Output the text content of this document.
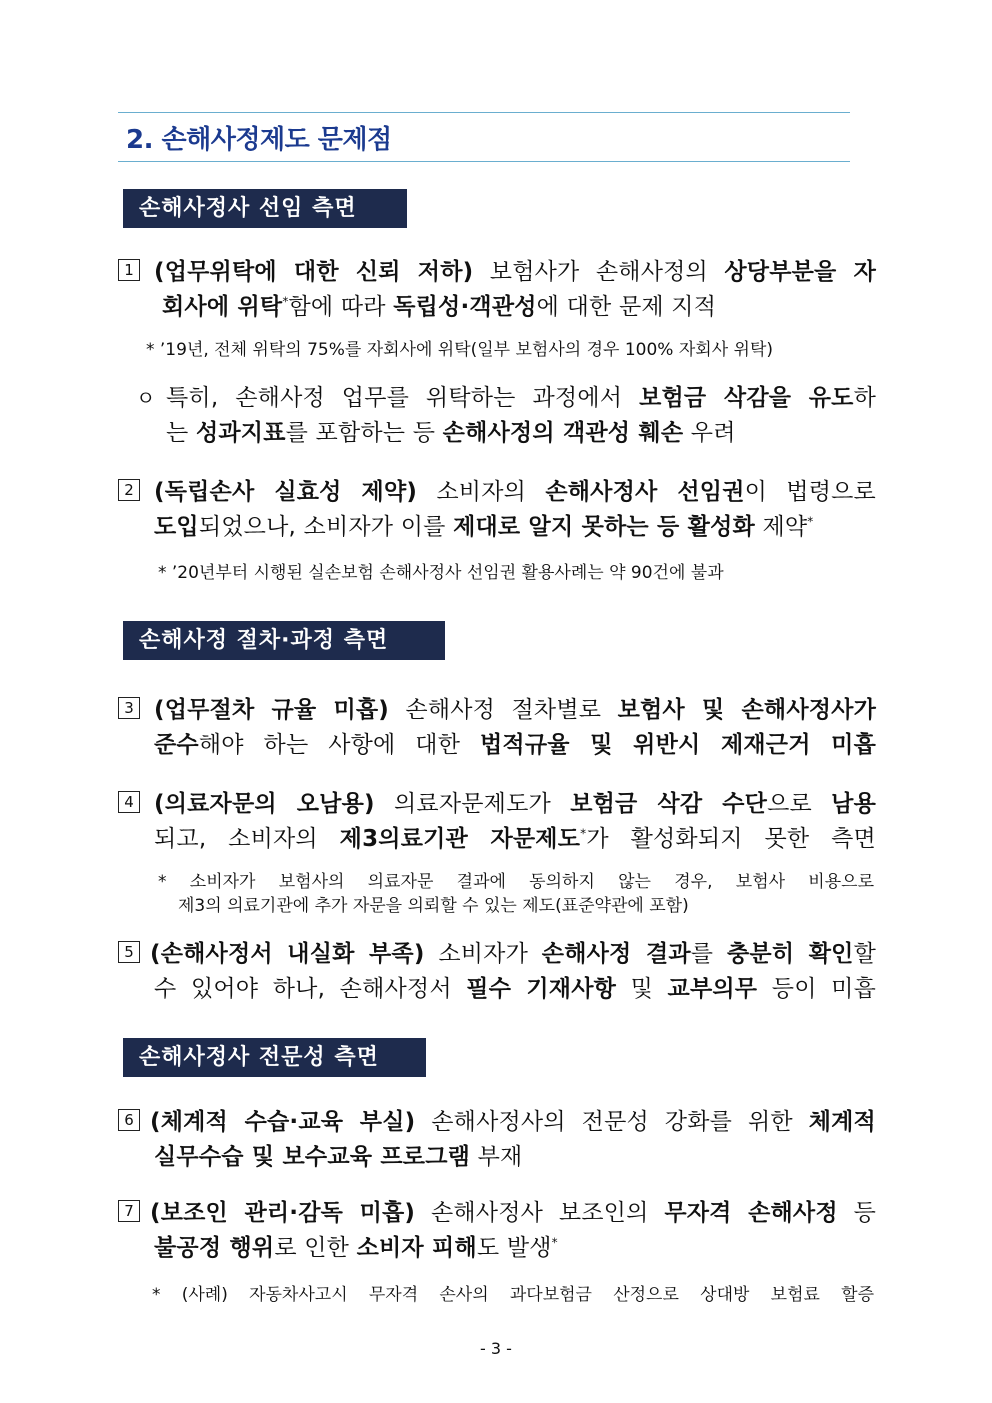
2. 손해사정제도 문제점
손해사정사 선임 측면
1 (업무위탁에 대한 신뢰 저하) 보험사가 손해사정의 상당부분을 자
회사에 위탁*함에 따라 독립성·객관성에 대한 문제 지적
* ’19년, 전체 위탁의 75%를 자회사에 위탁(일부 보험사의 경우 100% 자회사 위탁)
ㅇ 특히, 손해사정 업무를 위탁하는 과정에서 보험금 삭감을 유도하
는 성과지표를 포함하는 등 손해사정의 객관성 훼손 우려
2 (독립손사 실효성 제약) 소비자의 손해사정사 선임권이 법령으로
도입되었으나, 소비자가 이를 제대로 알지 못하는 등 활성화 제약*
* ’20년부터 시행된 실손보험 손해사정사 선임권 활용사례는 약 90건에 불과
손해사정 절차·과정 측면
3 (업무절차 규율 미흡) 손해사정 절차별로 보험사 및 손해사정사가
준수해야 하는 사항에 대한 법적규율 및 위반시 제재근거 미흡
4 (의료자문의 오남용) 의료자문제도가 보험금 삭감 수단으로 남용
되고, 소비자의 제3의료기관 자문제도*가 활성화되지 못한 측면
* 소비자가 보험사의 의료자문 결과에 동의하지 않는 경우, 보험사 비용으로
제3의 의료기관에 추가 자문을 의뢰할 수 있는 제도(표준약관에 포함)
5 (손해사정서 내실화 부족) 소비자가 손해사정 결과를 충분히 확인할
수 있어야 하나, 손해사정서 필수 기재사항 및 교부의무 등이 미흡
손해사정사 전문성 측면
6 (체계적 수습·교육 부실) 손해사정사의 전문성 강화를 위한 체계적
실무수습 및 보수교육 프로그램 부재
7 (보조인 관리·감독 미흡) 손해사정사 보조인의 무자격 손해사정 등
불공정 행위로 인한 소비자 피해도 발생*
* (사례) 자동차사고시 무자격 손사의 과다보험금 산정으로 상대방 보험료 할증
- 3 -
